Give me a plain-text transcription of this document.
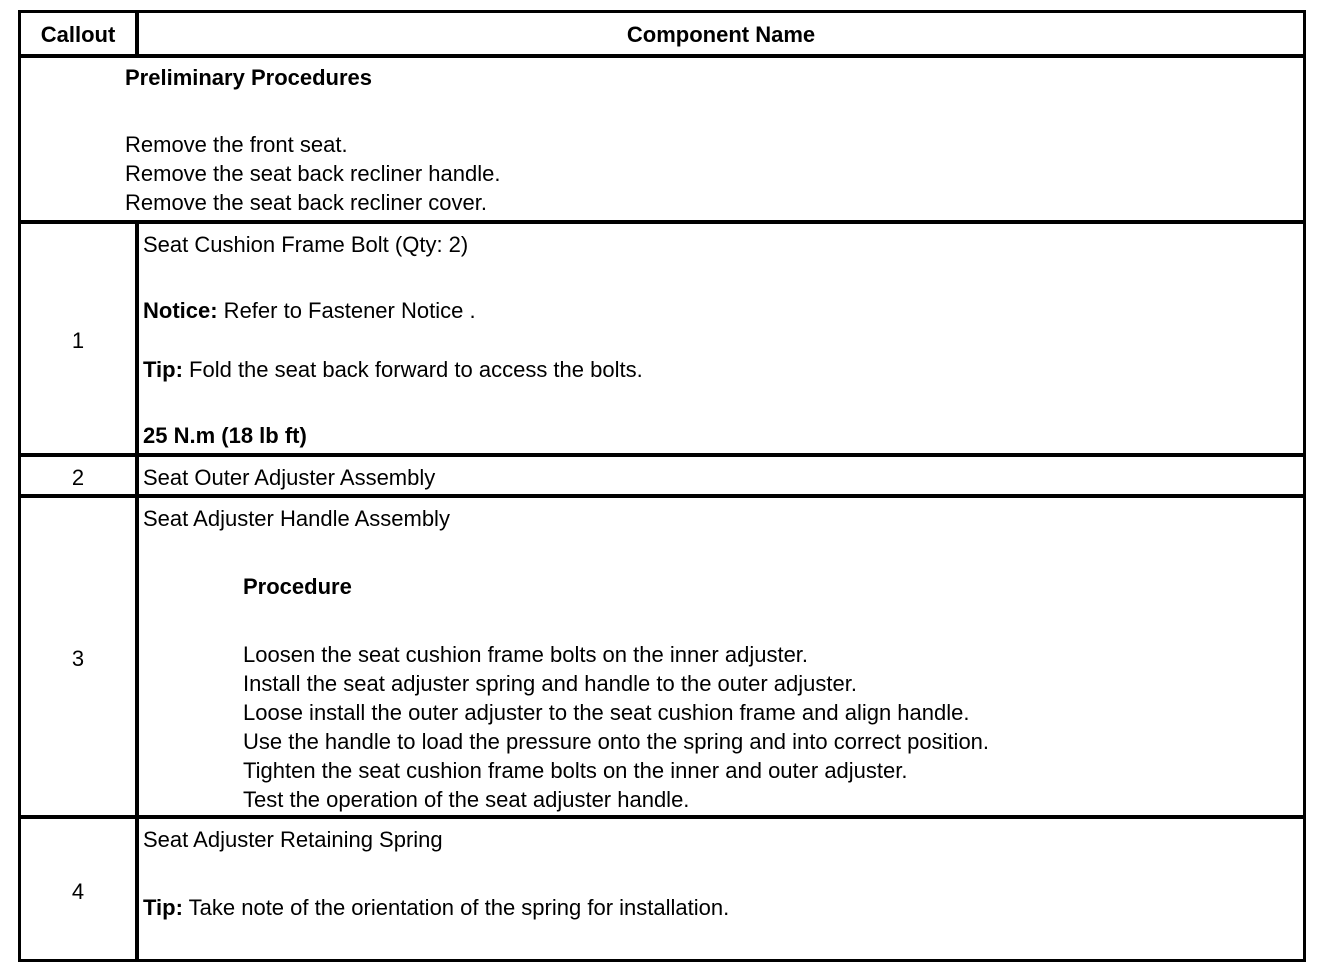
Callout	Component Name
Preliminary Procedures
Remove the front seat.
Remove the seat back recliner handle.
Remove the seat back recliner cover.
1
Seat Cushion Frame Bolt (Qty: 2)
Notice: Refer to Fastener Notice .
Tip: Fold the seat back forward to access the bolts.
25 N.m (18 lb ft)
2	Seat Outer Adjuster Assembly
3
Seat Adjuster Handle Assembly
Procedure
Loosen the seat cushion frame bolts on the inner adjuster.
Install the seat adjuster spring and handle to the outer adjuster.
Loose install the outer adjuster to the seat cushion frame and align handle.
Use the handle to load the pressure onto the spring and into correct position.
Tighten the seat cushion frame bolts on the inner and outer adjuster.
Test the operation of the seat adjuster handle.
4
Seat Adjuster Retaining Spring
Tip: Take note of the orientation of the spring for installation.
